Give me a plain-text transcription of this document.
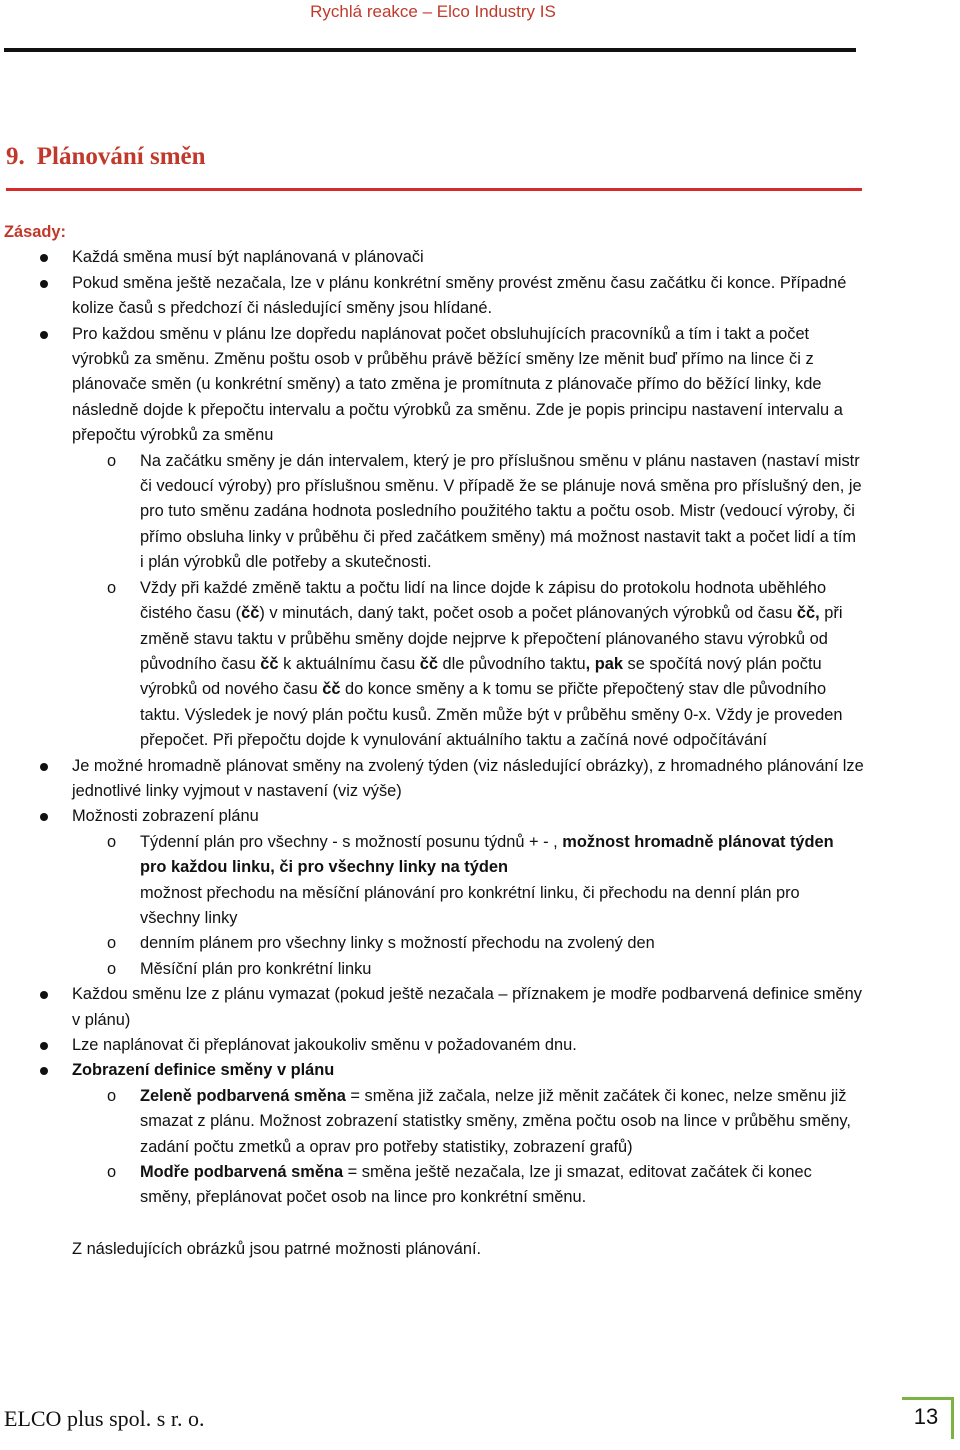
Rychlá reakce – Elco Industry IS
9. Plánování směn
Zásady:
Každá směna musí být naplánovaná v plánovači
Pokud směna ještě nezačala, lze v plánu konkrétní směny provést změnu času začátku či konce. Případné kolize časů s předchozí či následující směny jsou hlídané.
Pro každou směnu v plánu lze dopředu naplánovat počet obsluhujících pracovníků a tím i takt a počet výrobků za směnu. Změnu poštu osob v průběhu právě běžící směny lze měnit buď přímo na lince či z plánovače směn (u konkrétní směny) a tato změna je promítnuta z plánovače přímo do běžící linky, kde následně dojde k přepočtu intervalu a počtu výrobků za směnu. Zde je popis principu nastavení intervalu a přepočtu výrobků za směnu
o Na začátku směny je dán intervalem, který je pro příslušnou směnu v plánu nastaven (nastaví mistr či vedoucí výroby) pro příslušnou směnu. V případě že se plánuje nová směna pro příslušný den, je pro tuto směnu zadána hodnota posledního použitého taktu a počtu osob. Mistr (vedoucí výroby, či přímo obsluha linky v průběhu či před začátkem směny) má možnost nastavit takt a počet lidí a tím i plán výrobků dle potřeby a skutečnosti.
o Vždy při každé změně taktu a počtu lidí na lince dojde k zápisu do protokolu hodnota uběhlého čistého času (čč) v minutách, daný takt, počet osob a počet plánovaných výrobků od času čč, při změně stavu taktu v průběhu směny dojde nejprve k přepočtení plánovaného stavu výrobků od původního času čč k aktuálnímu času čč dle původního taktu, pak se spočítá nový plán počtu výrobků od nového času čč do konce směny a k tomu se přičte přepočtený stav dle původního taktu. Výsledek je nový plán počtu kusů. Změn může být v průběhu směny 0-x. Vždy je proveden přepočet. Při přepočtu dojde k vynulování aktuálního taktu a začíná nové odpočítávání
Je možné hromadně plánovat směny na zvolený týden (viz následující obrázky), z hromadného plánování lze jednotlivé linky vyjmout v nastavení (viz výše)
Možnosti zobrazení plánu
o Týdenní plán pro všechny - s možností posunu týdnů + - , možnost hromadně plánovat týden pro každou linku, či pro všechny linky na týden
možnost přechodu na měsíční plánování pro konkrétní linku, či přechodu na denní plán pro všechny linky
o denním plánem pro všechny linky s možností přechodu na zvolený den
o Měsíční plán pro konkrétní linku
Každou směnu lze z plánu vymazat (pokud ještě nezačala – příznakem je modře podbarvená definice směny v plánu)
Lze naplánovat či přeplánovat jakoukoliv směnu v požadovaném dnu.
Zobrazení definice směny v plánu
o Zeleně podbarvená směna = směna již začala, nelze již měnit začátek či konec, nelze směnu již smazat z plánu. Možnost zobrazení statistky směny, změna počtu osob na lince v průběhu směny, zadání počtu zmetků a oprav pro potřeby statistiky, zobrazení grafů)
o Modře podbarvená směna = směna ještě nezačala, lze ji smazat, editovat začátek či konec směny, přeplánovat počet osob na lince pro konkrétní směnu.
Z následujících obrázků jsou patrné možnosti plánování.
ELCO plus spol. s r. o.	13
